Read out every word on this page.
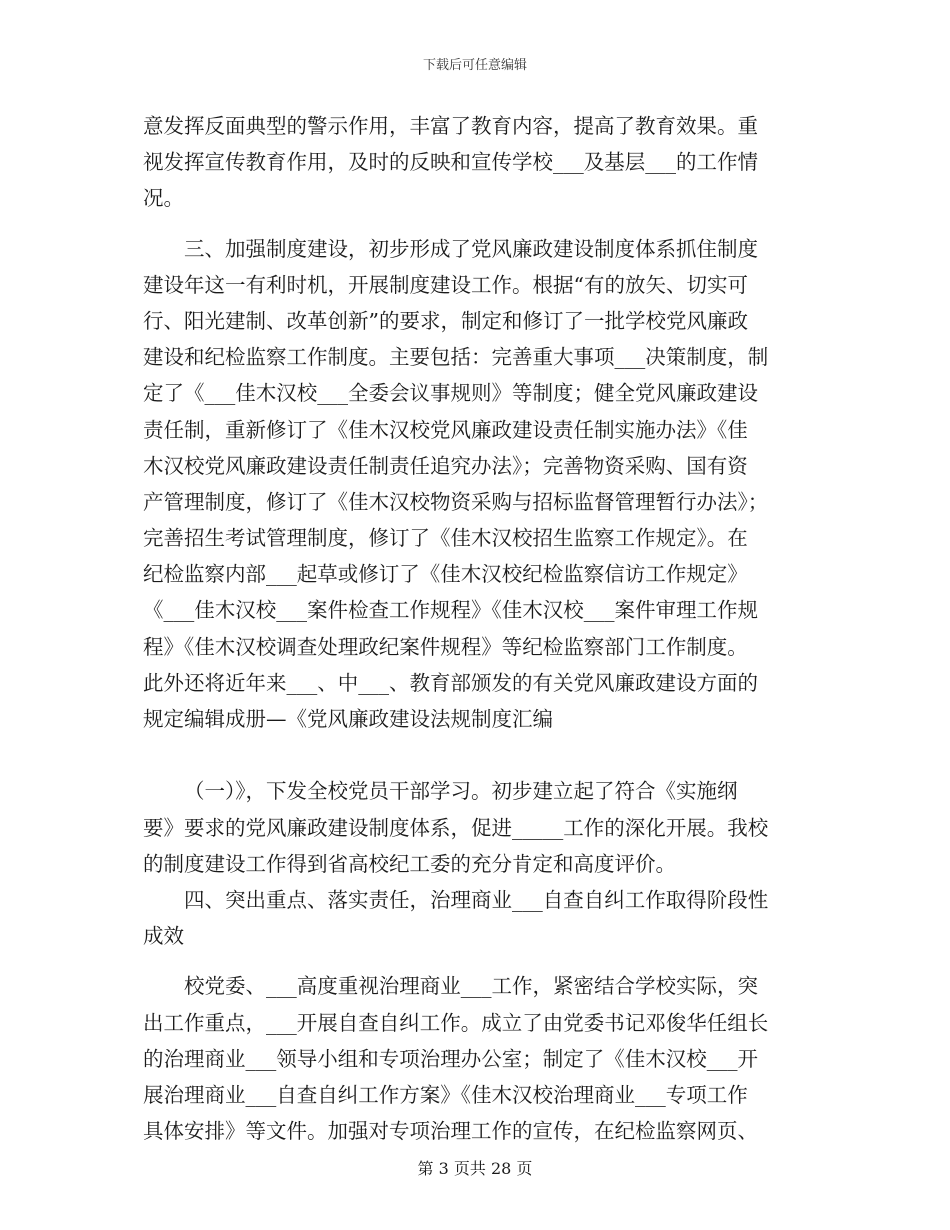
下载后可任意编辑
意发挥反面典型的警示作用，丰富了教育内容，提高了教育效果。重
视发挥宣传教育作用，及时的反映和宣传学校___及基层___的工作情
况。
三、加强制度建设，初步形成了党风廉政建设制度体系抓住制度
建设年这一有利时机，开展制度建设工作。根据“有的放矢、切实可
行、阳光建制、改革创新”的要求，制定和修订了一批学校党风廉政
建设和纪检监察工作制度。主要包括：完善重大事项___决策制度，制
定了《___佳木汉校___全委会议事规则》等制度；健全党风廉政建设
责任制，重新修订了《佳木汉校党风廉政建设责任制实施办法》《佳
木汉校党风廉政建设责任制责任追究办法》；完善物资采购、国有资
产管理制度，修订了《佳木汉校物资采购与招标监督管理暂行办法》；
完善招生考试管理制度，修订了《佳木汉校招生监察工作规定》。在
纪检监察内部___起草或修订了《佳木汉校纪检监察信访工作规定》
《___佳木汉校___案件检查工作规程》《佳木汉校___案件审理工作规
程》《佳木汉校调查处理政纪案件规程》等纪检监察部门工作制度。
此外还将近年来___、中___、教育部颁发的有关党风廉政建设方面的
规定编辑成册—《党风廉政建设法规制度汇编
（一）》，下发全校党员干部学习。初步建立起了符合《实施纲
要》要求的党风廉政建设制度体系，促进_____工作的深化开展。我校
的制度建设工作得到省高校纪工委的充分肯定和高度评价。
四、突出重点、落实责任，治理商业___自查自纠工作取得阶段性
成效
校党委、___高度重视治理商业___工作，紧密结合学校实际，突
出工作重点，___开展自查自纠工作。成立了由党委书记邓俊华任组长
的治理商业___领导小组和专项治理办公室；制定了《佳木汉校___开
展治理商业___自查自纠工作方案》《佳木汉校治理商业___专项工作
具体安排》等文件。加强对专项治理工作的宣传，在纪检监察网页、
第 3 页共 28 页
